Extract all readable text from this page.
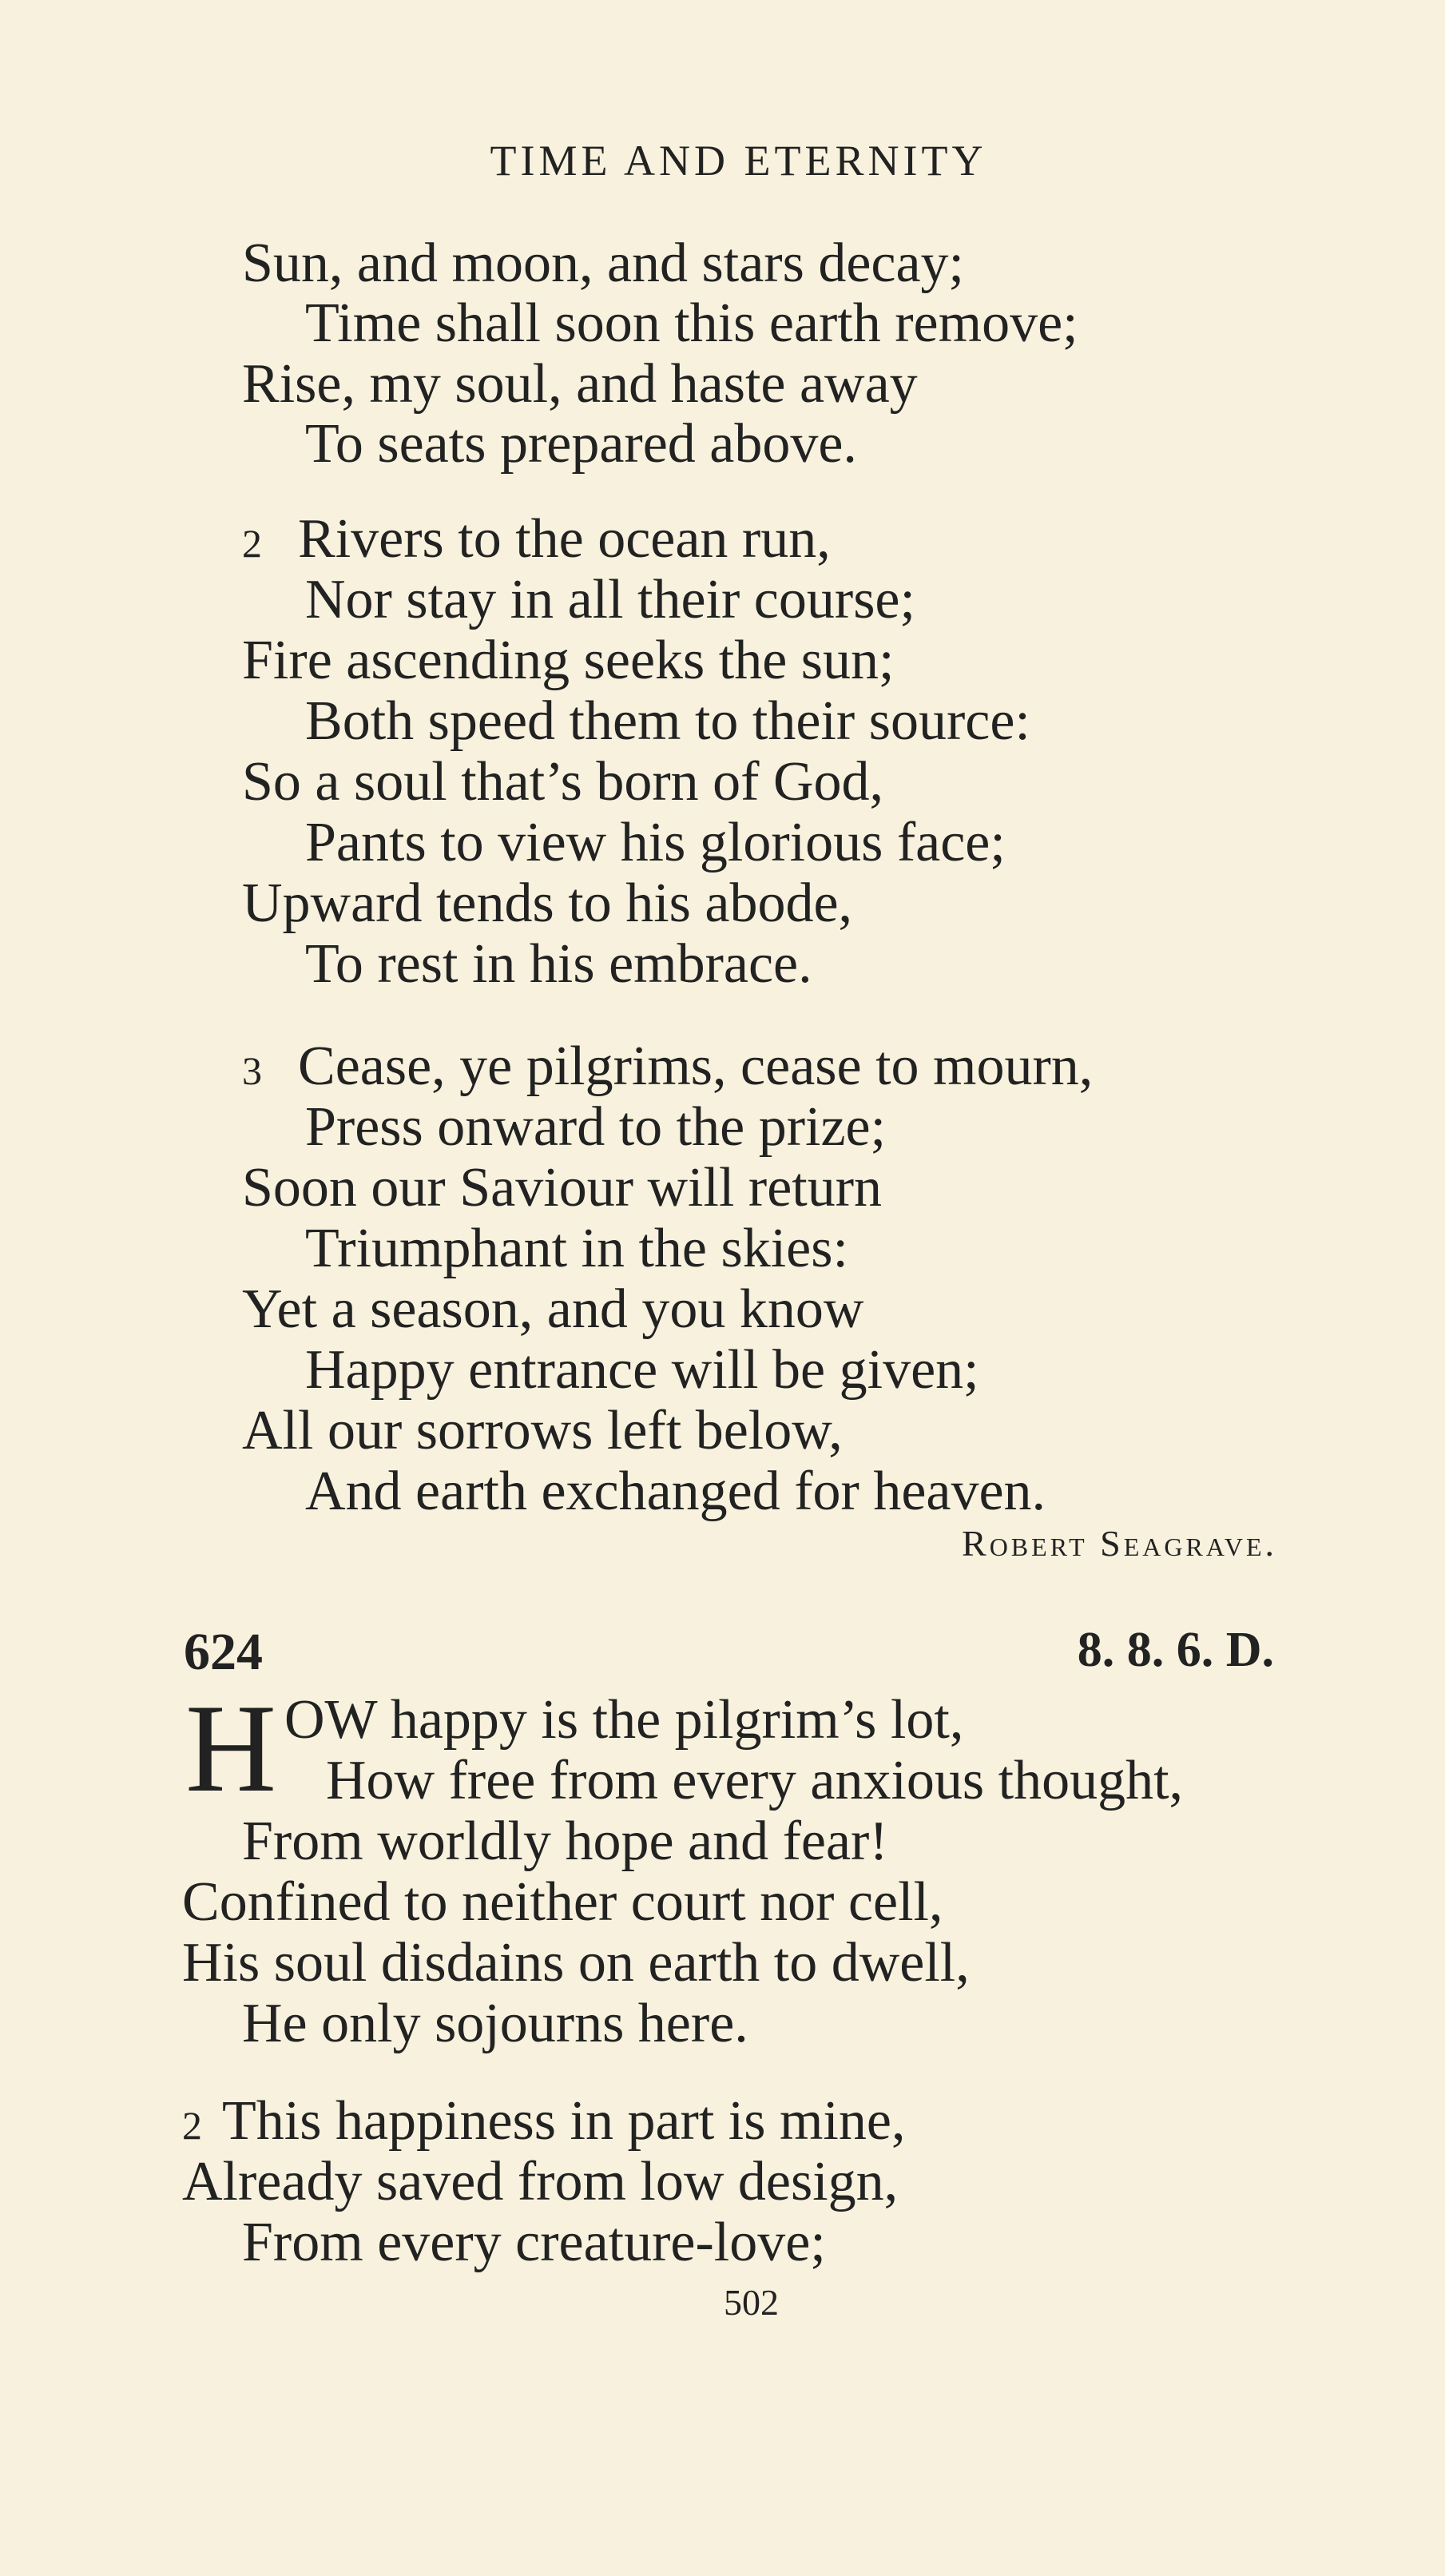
TIME AND ETERNITY
Sun, and moon, and stars decay;
Time shall soon this earth remove;
Rise, my soul, and haste away
To seats prepared above.
2 Rivers to the ocean run,
Nor stay in all their course;
Fire ascending seeks the sun;
Both speed them to their source:
So a soul that’s born of God,
Pants to view his glorious face;
Upward tends to his abode,
To rest in his embrace.
3 Cease, ye pilgrims, cease to mourn,
Press onward to the prize;
Soon our Saviour will return
Triumphant in the skies:
Yet a season, and you know
Happy entrance will be given;
All our sorrows left below,
And earth exchanged for heaven.
Robert Seagrave.
624	8. 8. 6. D.
H OW happy is the pilgrim’s lot,
How free from every anxious thought,
From worldly hope and fear!
Confined to neither court nor cell,
His soul disdains on earth to dwell,
He only sojourns here.
2 This happiness in part is mine,
Already saved from low design,
From every creature-love;
502
